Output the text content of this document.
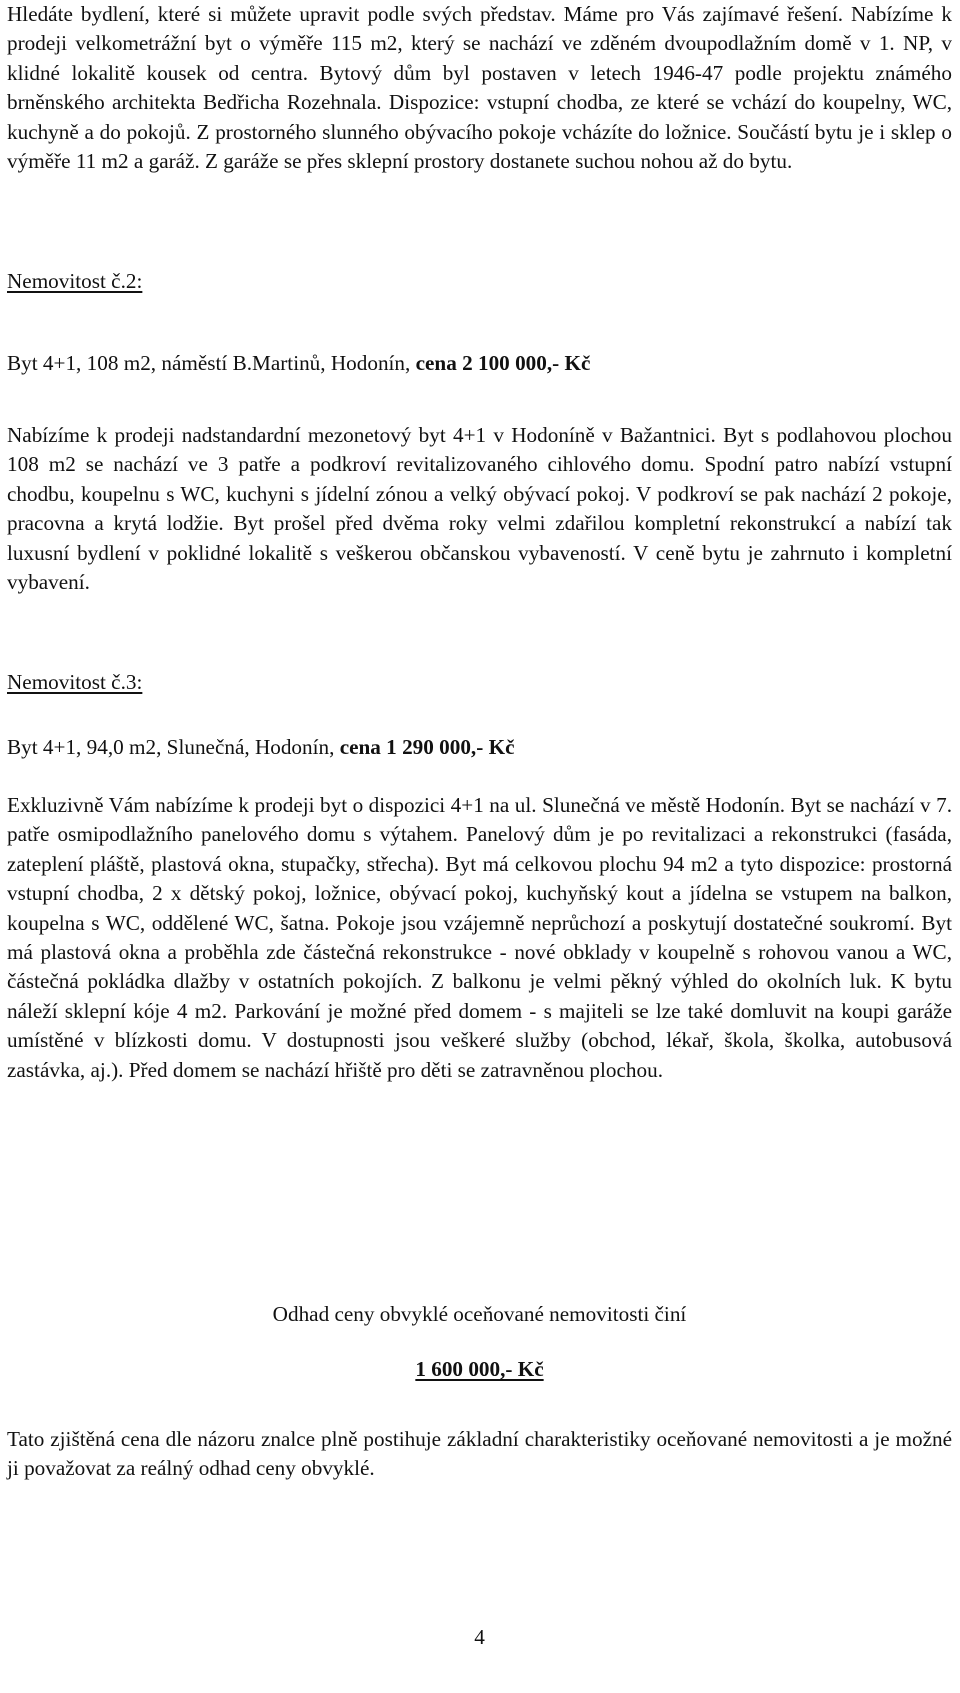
Hledáte bydlení, které si můžete upravit podle svých představ. Máme pro Vás zajímavé řešení. Nabízíme k prodeji velkometrážní byt o výměře 115 m2, který se nachází ve zděném dvoupodlažním domě v 1. NP, v klidné lokalitě kousek od centra. Bytový dům byl postaven v letech 1946-47 podle projektu známého brněnského architekta Bedřicha Rozehnala. Dispozice: vstupní chodba, ze které se vchází do koupelny, WC, kuchyně a do pokojů. Z prostorného slunného obývacího pokoje vcházíte do ložnice. Součástí bytu je i sklep o výměře 11 m2 a garáž. Z garáže se přes sklepní prostory dostanete suchou nohou až do bytu.

Nemovitost č.2:

Byt 4+1, 108 m2, náměstí B.Martinů, Hodonín, cena 2 100 000,- Kč

Nabízíme k prodeji nadstandardní mezonetový byt 4+1 v Hodoníně v Bažantnici. Byt s podlahovou plochou 108 m2 se nachází ve 3 patře a podkroví revitalizovaného cihlového domu. Spodní patro nabízí vstupní chodbu, koupelnu s WC, kuchyni s jídelní zónou a velký obývací pokoj. V podkroví se pak nachází 2 pokoje, pracovna a krytá lodžie. Byt prošel před dvěma roky velmi zdařilou kompletní rekonstrukcí a nabízí tak luxusní bydlení v poklidné lokalitě s veškerou občanskou vybaveností. V ceně bytu je zahrnuto i kompletní vybavení.

Nemovitost č.3:

Byt 4+1, 94,0 m2, Slunečná, Hodonín, cena 1 290 000,- Kč

Exkluzivně Vám nabízíme k prodeji byt o dispozici 4+1 na ul. Slunečná ve městě Hodonín. Byt se nachází v 7. patře osmipodlažního panelového domu s výtahem. Panelový dům je po revitalizaci a rekonstrukci (fasáda, zateplení pláště, plastová okna, stupačky, střecha). Byt má celkovou plochu 94 m2 a tyto dispozice: prostorná vstupní chodba, 2 x dětský pokoj, ložnice, obývací pokoj, kuchyňský kout a jídelna se vstupem na balkon, koupelna s WC, oddělené WC, šatna. Pokoje jsou vzájemně neprůchozí a poskytují dostatečné soukromí. Byt má plastová okna a proběhla zde částečná rekonstrukce - nové obklady v koupelně s rohovou vanou a WC, částečná pokládka dlažby v ostatních pokojích. Z balkonu je velmi pěkný výhled do okolních luk. K bytu náleží sklepní kóje 4 m2. Parkování je možné před domem - s majiteli se lze také domluvit na koupi garáže umístěné v blízkosti domu. V dostupnosti jsou veškeré služby (obchod, lékař, škola, školka, autobusová zastávka, aj.). Před domem se nachází hřiště pro děti se zatravněnou plochou.

Odhad ceny obvyklé oceňované nemovitosti činí

1 600 000,- Kč

Tato zjištěná cena dle názoru znalce plně postihuje základní charakteristiky oceňované nemovitosti a je možné ji považovat za reálný odhad ceny obvyklé.

4
